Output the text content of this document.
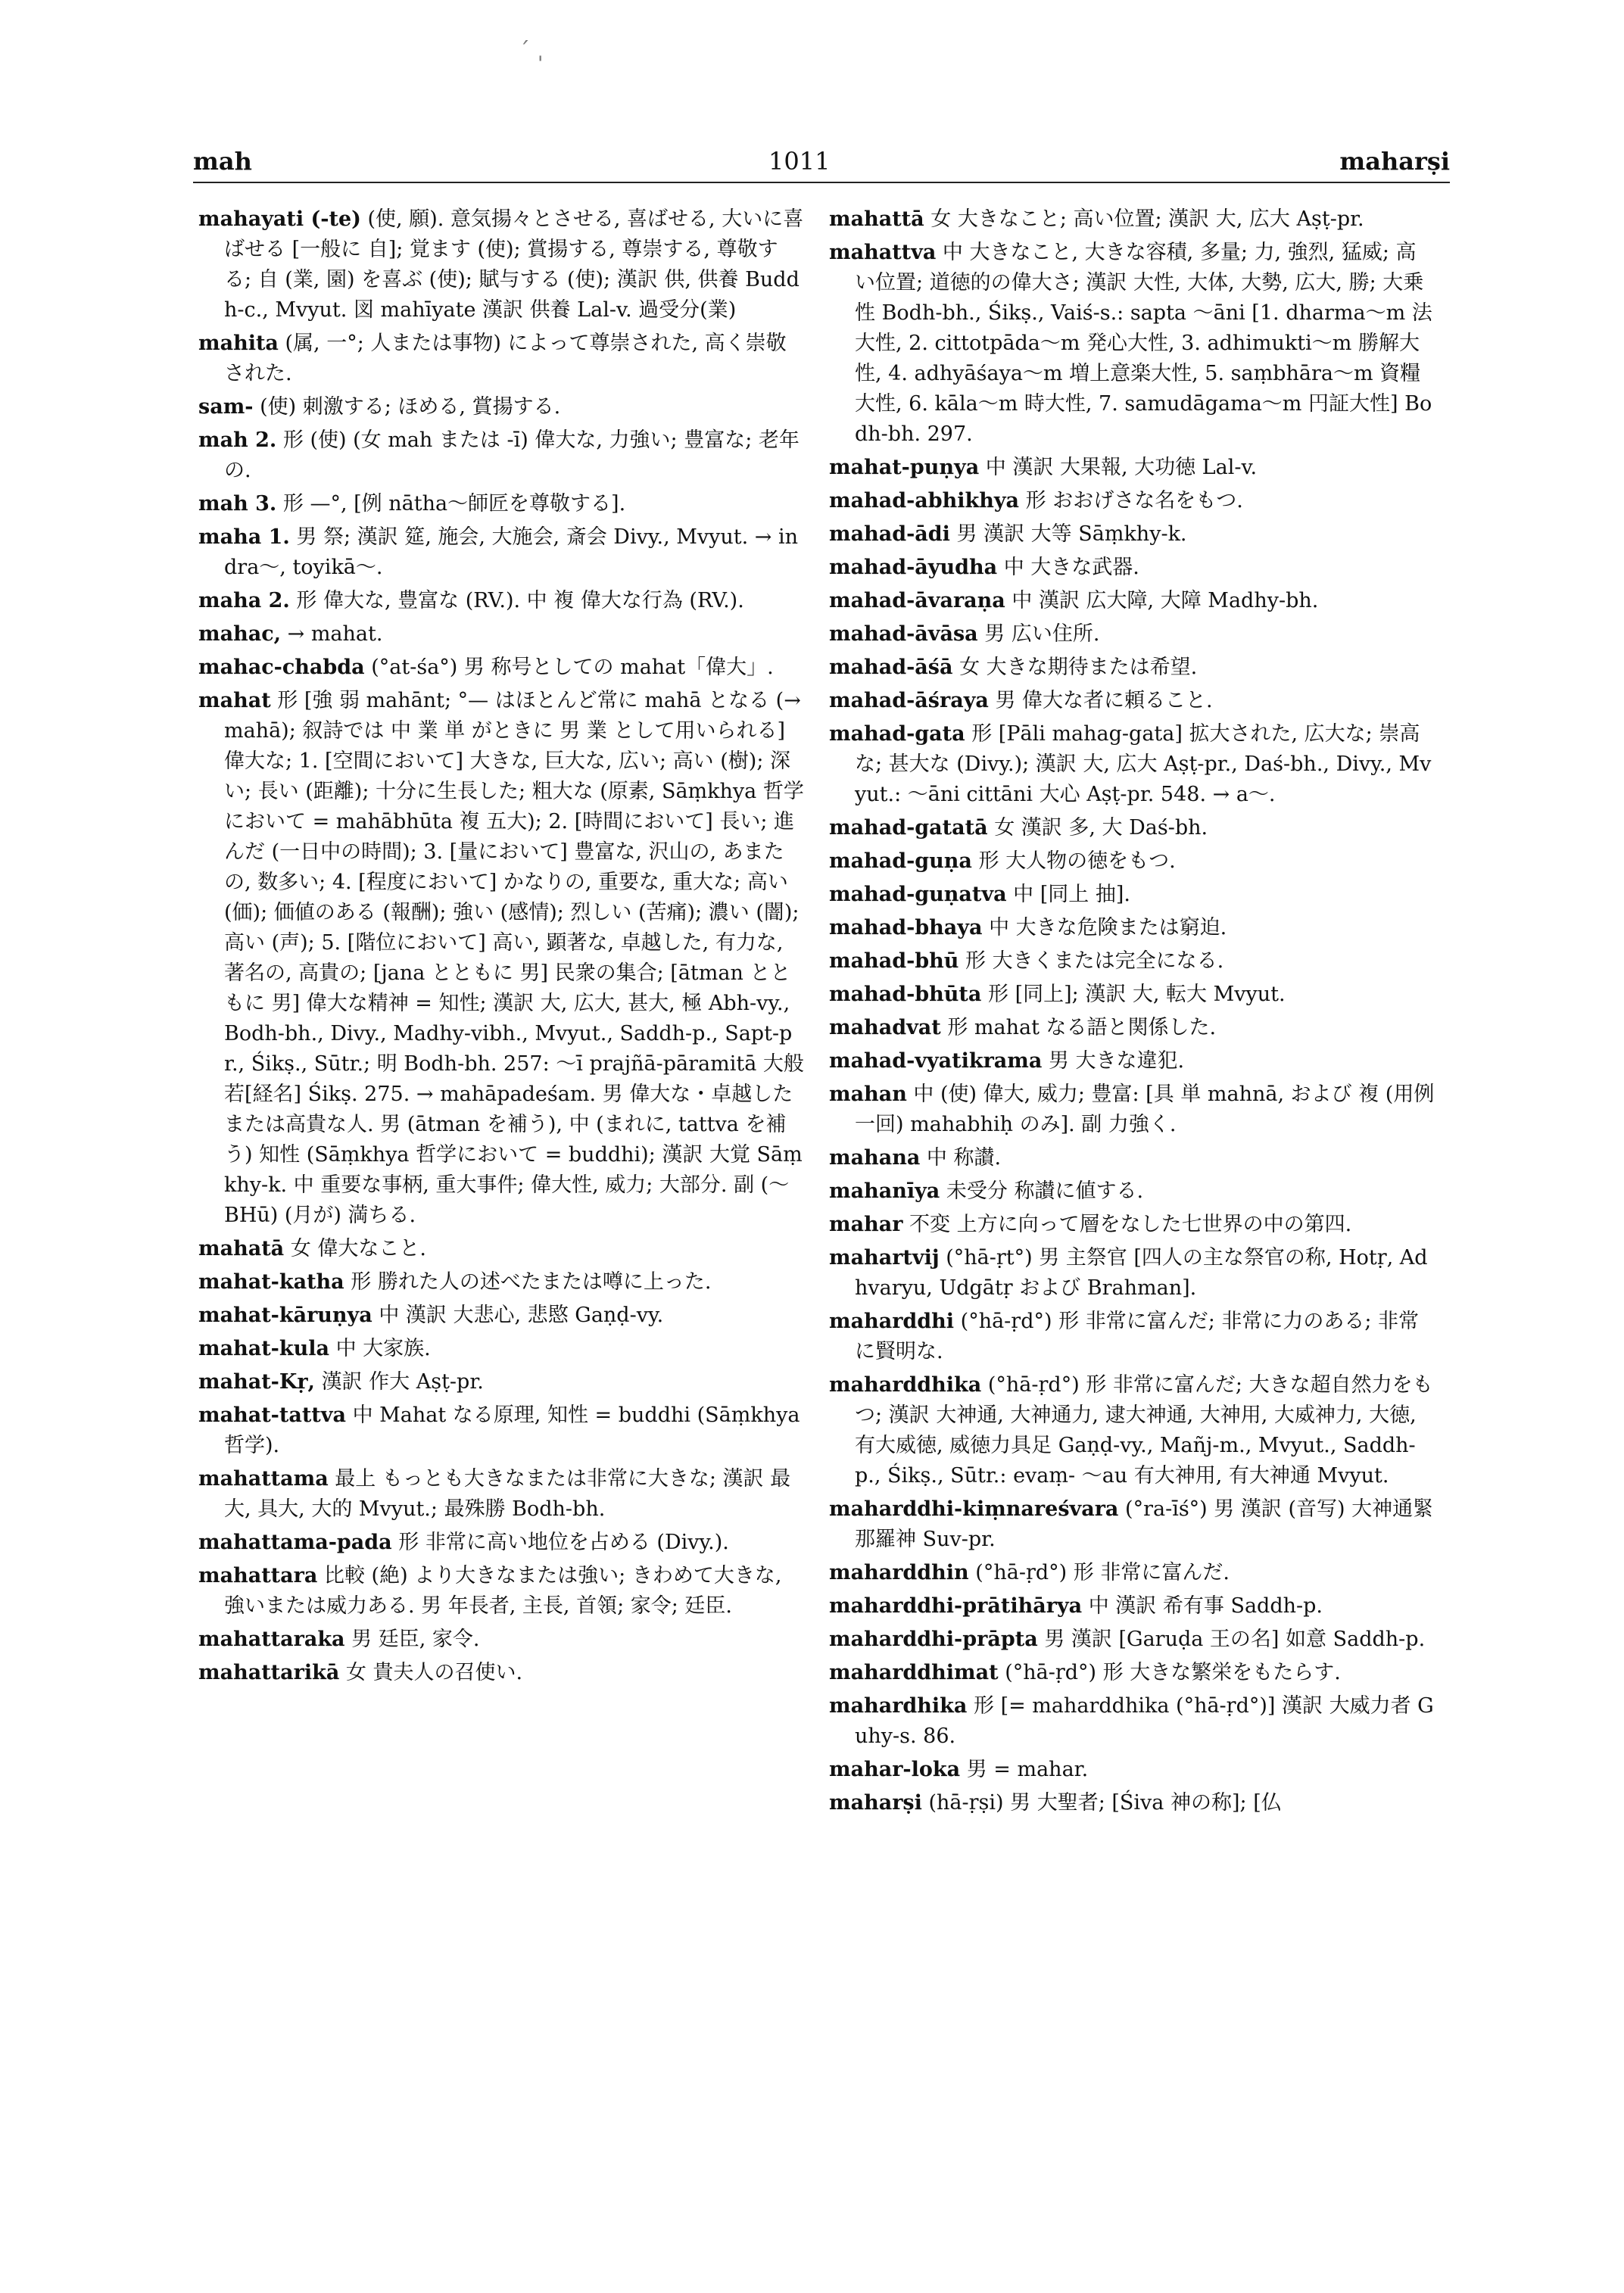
ˊ ˌ
mah	1011	maharṣi
mahayati (-te) (使, 願). 意気揚々とさせる, 喜ばせる, 大いに喜ばせる [一般に 自]; 覚ます (使); 賞揚する, 尊崇する, 尊敬する; 自 (業, 園) を喜ぶ (使); 賦与する (使); 漢訳 供, 供養 Buddh-c., Mvyut. 図 mahīyate 漢訳 供養 Lal-v. 過受分(業)
mahita (属, 一°; 人または事物) によって尊崇された, 高く崇敬された.
sam- (使) 刺激する; ほめる, 賞揚する.
mah 2. 形 (使) (女 mah または -ī) 偉大な, 力強い; 豊富な; 老年の.
mah 3. 形 —°, [例 nātha～師匠を尊敬する].
maha 1. 男 祭; 漢訳 筵, 施会, 大施会, 斎会 Divy., Mvyut. → indra～, toyikā～.
maha 2. 形 偉大な, 豊富な (RV.). 中 複 偉大な行為 (RV.).
mahac, → mahat.
mahac-chabda (°at-śa°) 男 称号としての mahat「偉大」.
mahat 形 [強 弱 mahānt; °— はほとんど常に mahā となる (→ mahā); 叙詩では 中 業 単 がときに 男 業 として用いられる] 偉大な; 1. [空間において] 大きな, 巨大な, 広い; 高い (樹); 深い; 長い (距離); 十分に生長した; 粗大な (原素, Sāṃkhya 哲学において = mahābhūta 複 五大); 2. [時間において] 長い; 進んだ (一日中の時間); 3. [量において] 豊富な, 沢山の, あまたの, 数多い; 4. [程度において] かなりの, 重要な, 重大な; 高い (価); 価値のある (報酬); 強い (感情); 烈しい (苦痛); 濃い (闇); 高い (声); 5. [階位において] 高い, 顕著な, 卓越した, 有力な, 著名の, 高貴の; [jana とともに 男] 民衆の集合; [ātman とともに 男] 偉大な精神 = 知性; 漢訳 大, 広大, 甚大, 極 Abh-vy., Bodh-bh., Divy., Madhy-vibh., Mvyut., Saddh-p., Sapt-pr., Śikṣ., Sūtr.; 明 Bodh-bh. 257: ～ī prajñā-pāramitā 大般若[経名] Śikṣ. 275. → mahāpadeśam. 男 偉大な・卓越したまたは高貴な人. 男 (ātman を補う), 中 (まれに, tattva を補う) 知性 (Sāṃkhya 哲学において = buddhi); 漢訳 大覚 Sāṃkhy-k. 中 重要な事柄, 重大事件; 偉大性, 威力; 大部分. 副 (～BHū) (月が) 満ちる.
mahatā 女 偉大なこと.
mahat-katha 形 勝れた人の述べたまたは噂に上った.
mahat-kāruṇya 中 漢訳 大悲心, 悲愍 Gaṇḍ-vy.
mahat-kula 中 大家族.
mahat-Kṛ, 漢訳 作大 Aṣṭ-pr.
mahat-tattva 中 Mahat なる原理, 知性 = buddhi (Sāṃkhya 哲学).
mahattama 最上 もっとも大きなまたは非常に大きな; 漢訳 最大, 具大, 大的 Mvyut.; 最殊勝 Bodh-bh.
mahattama-pada 形 非常に高い地位を占める (Divy.).
mahattara 比較 (絶) より大きなまたは強い; きわめて大きな, 強いまたは威力ある. 男 年長者, 主長, 首領; 家令; 廷臣.
mahattaraka 男 廷臣, 家令.
mahattarikā 女 貴夫人の召使い.
mahattā 女 大きなこと; 高い位置; 漢訳 大, 広大 Aṣṭ-pr.
mahattva 中 大きなこと, 大きな容積, 多量; 力, 強烈, 猛威; 高い位置; 道徳的の偉大さ; 漢訳 大性, 大体, 大勢, 広大, 勝; 大乗性 Bodh-bh., Śikṣ., Vaiś-s.: sapta ～āni [1. dharma～m 法大性, 2. cittotpāda～m 発心大性, 3. adhimukti～m 勝解大性, 4. adhyāśaya～m 増上意楽大性, 5. saṃbhāra～m 資糧大性, 6. kāla～m 時大性, 7. samudāgama～m 円証大性] Bodh-bh. 297.
mahat-puṇya 中 漢訳 大果報, 大功徳 Lal-v.
mahad-abhikhya 形 おおげさな名をもつ.
mahad-ādi 男 漢訳 大等 Sāṃkhy-k.
mahad-āyudha 中 大きな武器.
mahad-āvaraṇa 中 漢訳 広大障, 大障 Madhy-bh.
mahad-āvāsa 男 広い住所.
mahad-āśā 女 大きな期待または希望.
mahad-āśraya 男 偉大な者に頼ること.
mahad-gata 形 [Pāli mahag-gata] 拡大された, 広大な; 崇高な; 甚大な (Divy.); 漢訳 大, 広大 Aṣṭ-pr., Daś-bh., Divy., Mvyut.: ～āni cittāni 大心 Aṣṭ-pr. 548. → a～.
mahad-gatatā 女 漢訳 多, 大 Daś-bh.
mahad-guṇa 形 大人物の徳をもつ.
mahad-guṇatva 中 [同上 抽].
mahad-bhaya 中 大きな危険または窮迫.
mahad-bhū 形 大きくまたは完全になる.
mahad-bhūta 形 [同上]; 漢訳 大, 転大 Mvyut.
mahadvat 形 mahat なる語と関係した.
mahad-vyatikrama 男 大きな違犯.
mahan 中 (使) 偉大, 威力; 豊富: [具 単 mahnā, および 複 (用例一回) mahabhiḥ のみ]. 副 力強く.
mahana 中 称讃.
mahanīya 未受分 称讃に値する.
mahar 不変 上方に向って層をなした七世界の中の第四.
mahartvij (°hā-ṛt°) 男 主祭官 [四人の主な祭官の称, Hotṛ, Adhvaryu, Udgātṛ および Brahman].
maharddhi (°hā-ṛd°) 形 非常に富んだ; 非常に力のある; 非常に賢明な.
maharddhika (°hā-ṛd°) 形 非常に富んだ; 大きな超自然力をもつ; 漢訳 大神通, 大神通力, 逮大神通, 大神用, 大威神力, 大徳, 有大威徳, 威徳力具足 Gaṇḍ-vy., Mañj-m., Mvyut., Saddh-p., Śikṣ., Sūtr.: evaṃ- ～au 有大神用, 有大神通 Mvyut.
maharddhi-kiṃnareśvara (°ra-īś°) 男 漢訳 (音写) 大神通緊那羅神 Suv-pr.
maharddhin (°hā-ṛd°) 形 非常に富んだ.
maharddhi-prātihārya 中 漢訳 希有事 Saddh-p.
maharddhi-prāpta 男 漢訳 [Garuḍa 王の名] 如意 Saddh-p.
maharddhimat (°hā-ṛd°) 形 大きな繁栄をもたらす.
mahardhika 形 [= maharddhika (°hā-ṛd°)] 漢訳 大威力者 Guhy-s. 86.
mahar-loka 男 = mahar.
maharṣi (hā-ṛṣi) 男 大聖者; [Śiva 神の称]; [仏
